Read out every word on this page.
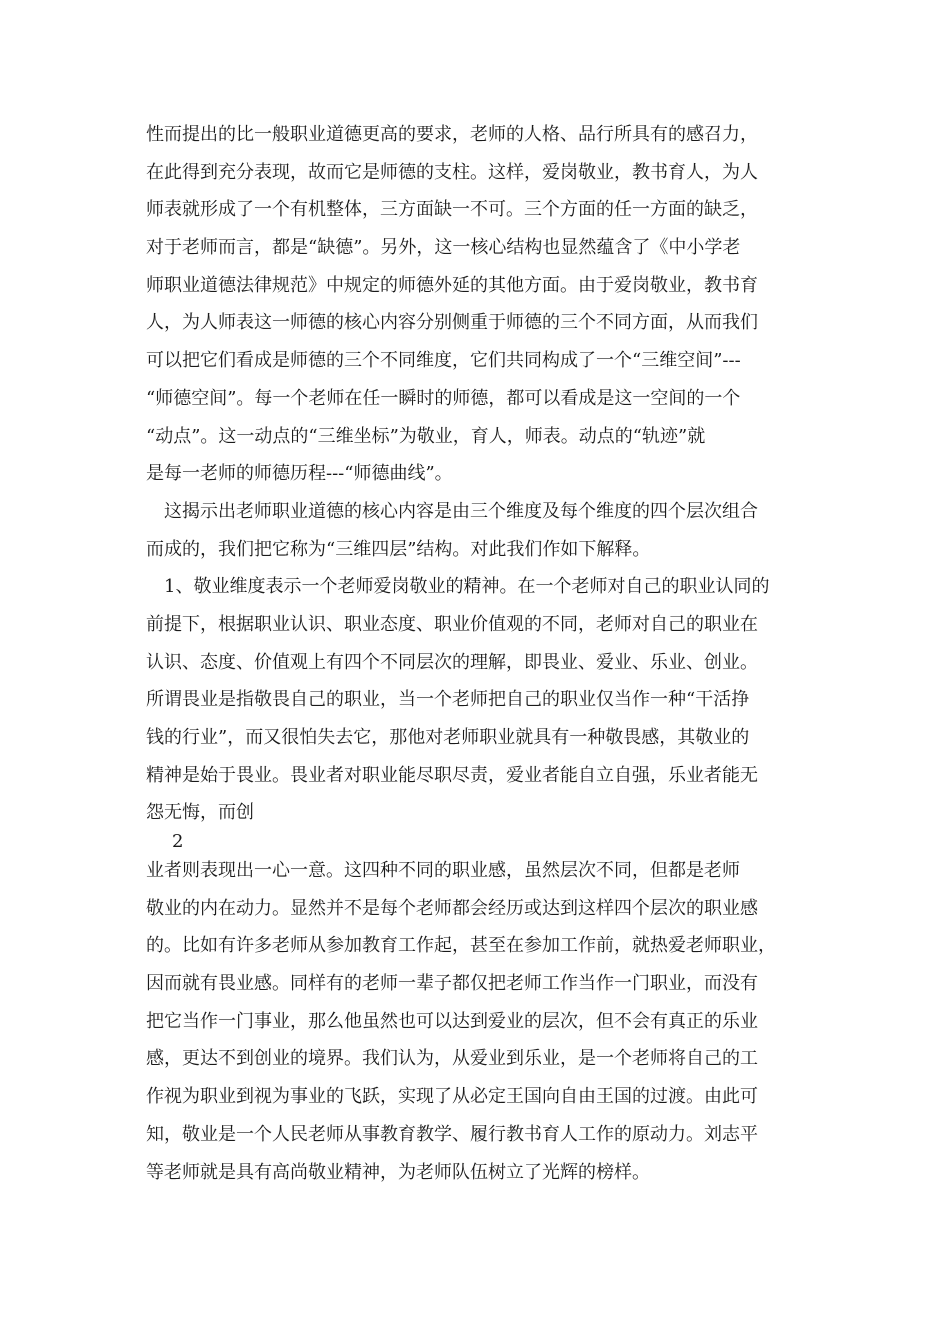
性而提出的比一般职业道德更高的要求，老师的人格、品行所具有的感召力，
在此得到充分表现，故而它是师德的支柱。这样，爱岗敬业，教书育人，为人
师表就形成了一个有机整体，三方面缺一不可。三个方面的任一方面的缺乏，
对于老师而言，都是“缺德”。另外，这一核心结构也显然蕴含了《中小学老
师职业道德法律规范》中规定的师德外延的其他方面。由于爱岗敬业，教书育
人，为人师表这一师德的核心内容分别侧重于师德的三个不同方面，从而我们
可以把它们看成是师德的三个不同维度，它们共同构成了一个“三维空间”---
“师德空间”。每一个老师在任一瞬时的师德，都可以看成是这一空间的一个
“动点”。这一动点的“三维坐标”为敬业，育人，师表。动点的“轨迹”就
是每一老师的师德历程---“师德曲线”。
这揭示出老师职业道德的核心内容是由三个维度及每个维度的四个层次组合
而成的，我们把它称为“三维四层”结构。对此我们作如下解释。
1、敬业维度表示一个老师爱岗敬业的精神。在一个老师对自己的职业认同的
前提下，根据职业认识、职业态度、职业价值观的不同，老师对自己的职业在
认识、态度、价值观上有四个不同层次的理解，即畏业、爱业、乐业、创业。
所谓畏业是指敬畏自己的职业，当一个老师把自己的职业仅当作一种“干活挣
钱的行业”，而又很怕失去它，那他对老师职业就具有一种敬畏感，其敬业的
精神是始于畏业。畏业者对职业能尽职尽责，爱业者能自立自强，乐业者能无
怨无悔，而创
2
业者则表现出一心一意。这四种不同的职业感，虽然层次不同，但都是老师
敬业的内在动力。显然并不是每个老师都会经历或达到这样四个层次的职业感
的。比如有许多老师从参加教育工作起，甚至在参加工作前，就热爱老师职业，
因而就有畏业感。同样有的老师一辈子都仅把老师工作当作一门职业，而没有
把它当作一门事业，那么他虽然也可以达到爱业的层次，但不会有真正的乐业
感，更达不到创业的境界。我们认为，从爱业到乐业，是一个老师将自己的工
作视为职业到视为事业的飞跃，实现了从必定王国向自由王国的过渡。由此可
知，敬业是一个人民老师从事教育教学、履行教书育人工作的原动力。刘志平
等老师就是具有高尚敬业精神，为老师队伍树立了光辉的榜样。
